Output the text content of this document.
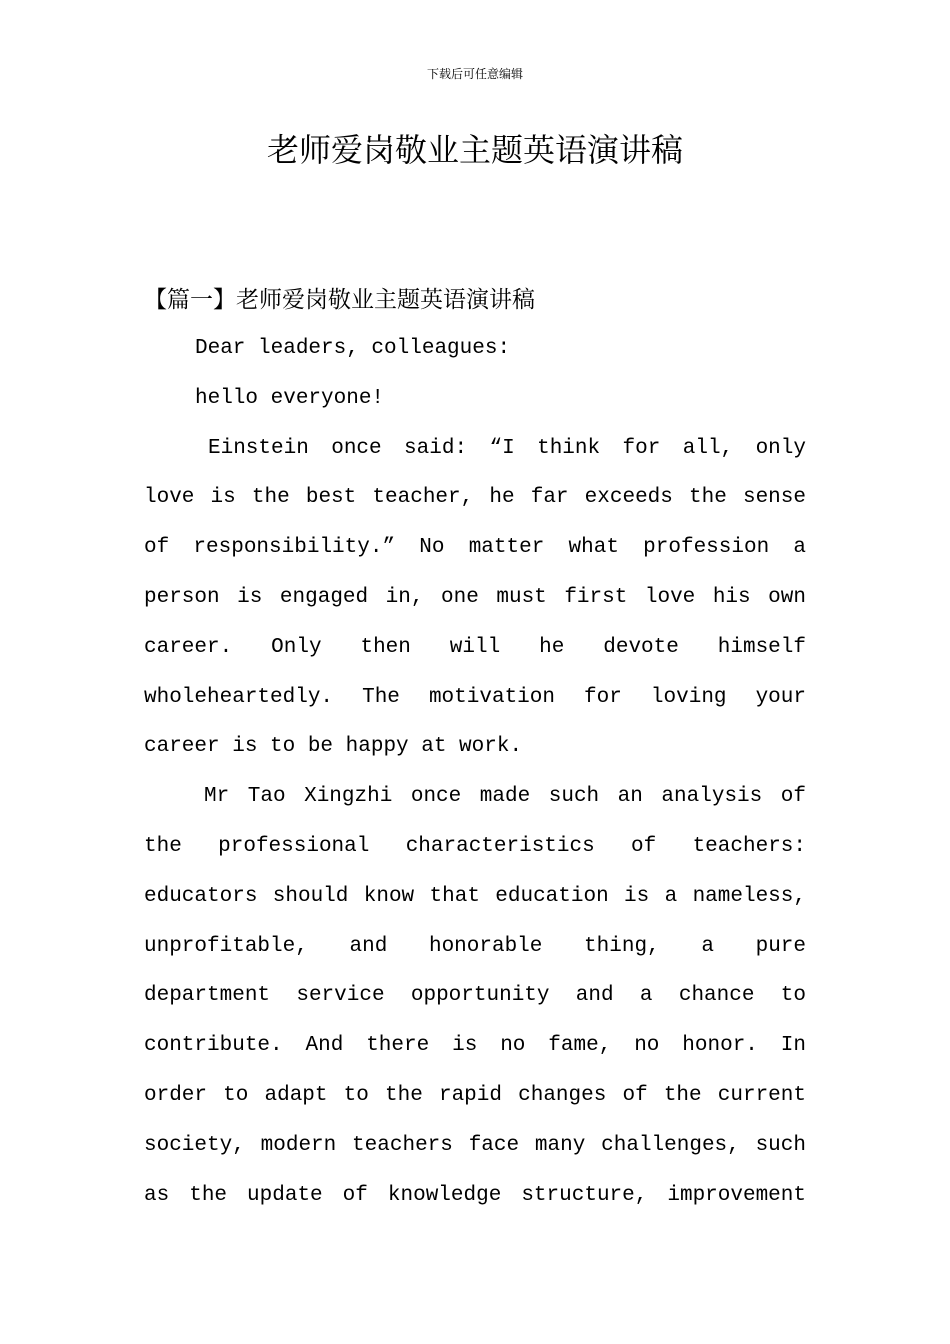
下载后可任意编辑
老师爱岗敬业主题英语演讲稿
【篇一】老师爱岗敬业主题英语演讲稿
Dear leaders, colleagues:
hello everyone!
Einstein once said: “I think for all, only
love is the best teacher, he far exceeds the sense
of responsibility.” No matter what profession a
person is engaged in, one must first love his own
career. Only then will he devote himself
wholeheartedly. The motivation for loving your
career is to be happy at work.
Mr Tao Xingzhi once made such an analysis of
the professional characteristics of teachers:
educators should know that education is a nameless,
unprofitable, and honorable thing, a pure
department service opportunity and a chance to
contribute. And there is no fame, no honor. In
order to adapt to the rapid changes of the current
society, modern teachers face many challenges, such
as the update of knowledge structure, improvement
